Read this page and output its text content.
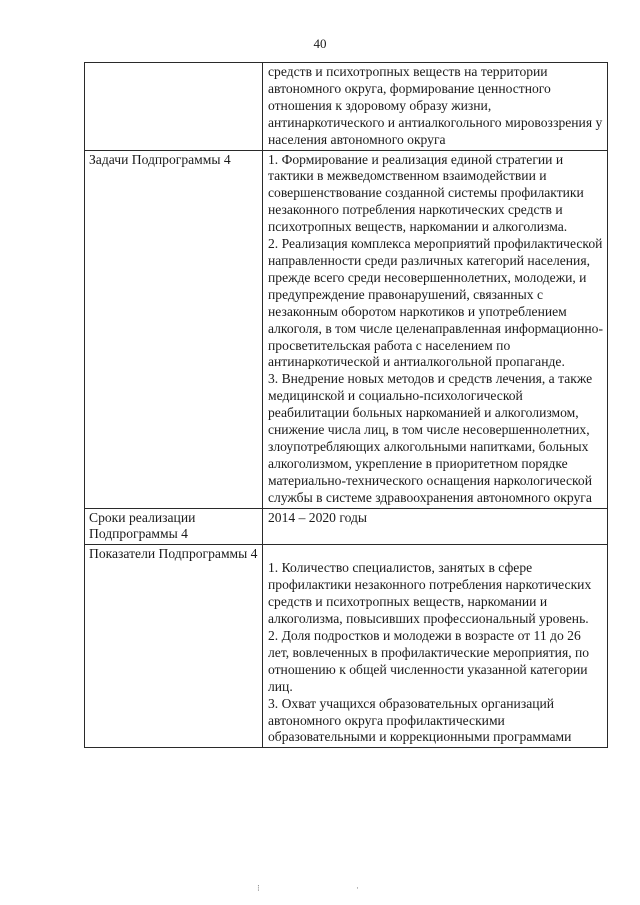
40

	средств и психотропных веществ на территории автономного округа, формирование ценностного отношения к здоровому образу жизни, антинаркотического и антиалкогольного мировоззрения у населения автономного округа

Задачи Подпрограммы 4	1. Формирование и реализация единой стратегии и тактики в межведомственном взаимодействии и совершенствование созданной системы профилактики незаконного потребления наркотических средств и психотропных веществ, наркомании и алкоголизма.
2. Реализация комплекса мероприятий профилактической направленности среди различных категорий населения, прежде всего среди несовершеннолетних, молодежи, и предупреждение правонарушений, связанных с незаконным оборотом наркотиков и употреблением алкоголя, в том числе целенаправленная информационно-просветительская работа с населением по антинаркотической и антиалкогольной пропаганде.
3. Внедрение новых методов и средств лечения, а также медицинской и социально-психологической реабилитации больных наркоманией и алкоголизмом, снижение числа лиц, в том числе несовершеннолетних, злоупотребляющих алкогольными напитками, больных алкоголизмом, укрепление в приоритетном порядке материально-технического оснащения наркологической службы в системе здравоохранения автономного округа

Сроки реализации Подпрограммы 4	2014 – 2020 годы

Показатели Подпрограммы 4	1. Количество специалистов, занятых в сфере профилактики незаконного потребления наркотических средств и психотропных веществ, наркомании и алкоголизма, повысивших профессиональный уровень.
2. Доля подростков и молодежи в возрасте от 11 до 26 лет, вовлеченных в профилактические мероприятия, по отношению к общей численности указанной категории лиц.
3. Охват учащихся образовательных организаций автономного округа профилактическими образовательными и коррекционными программами
⁝	·
